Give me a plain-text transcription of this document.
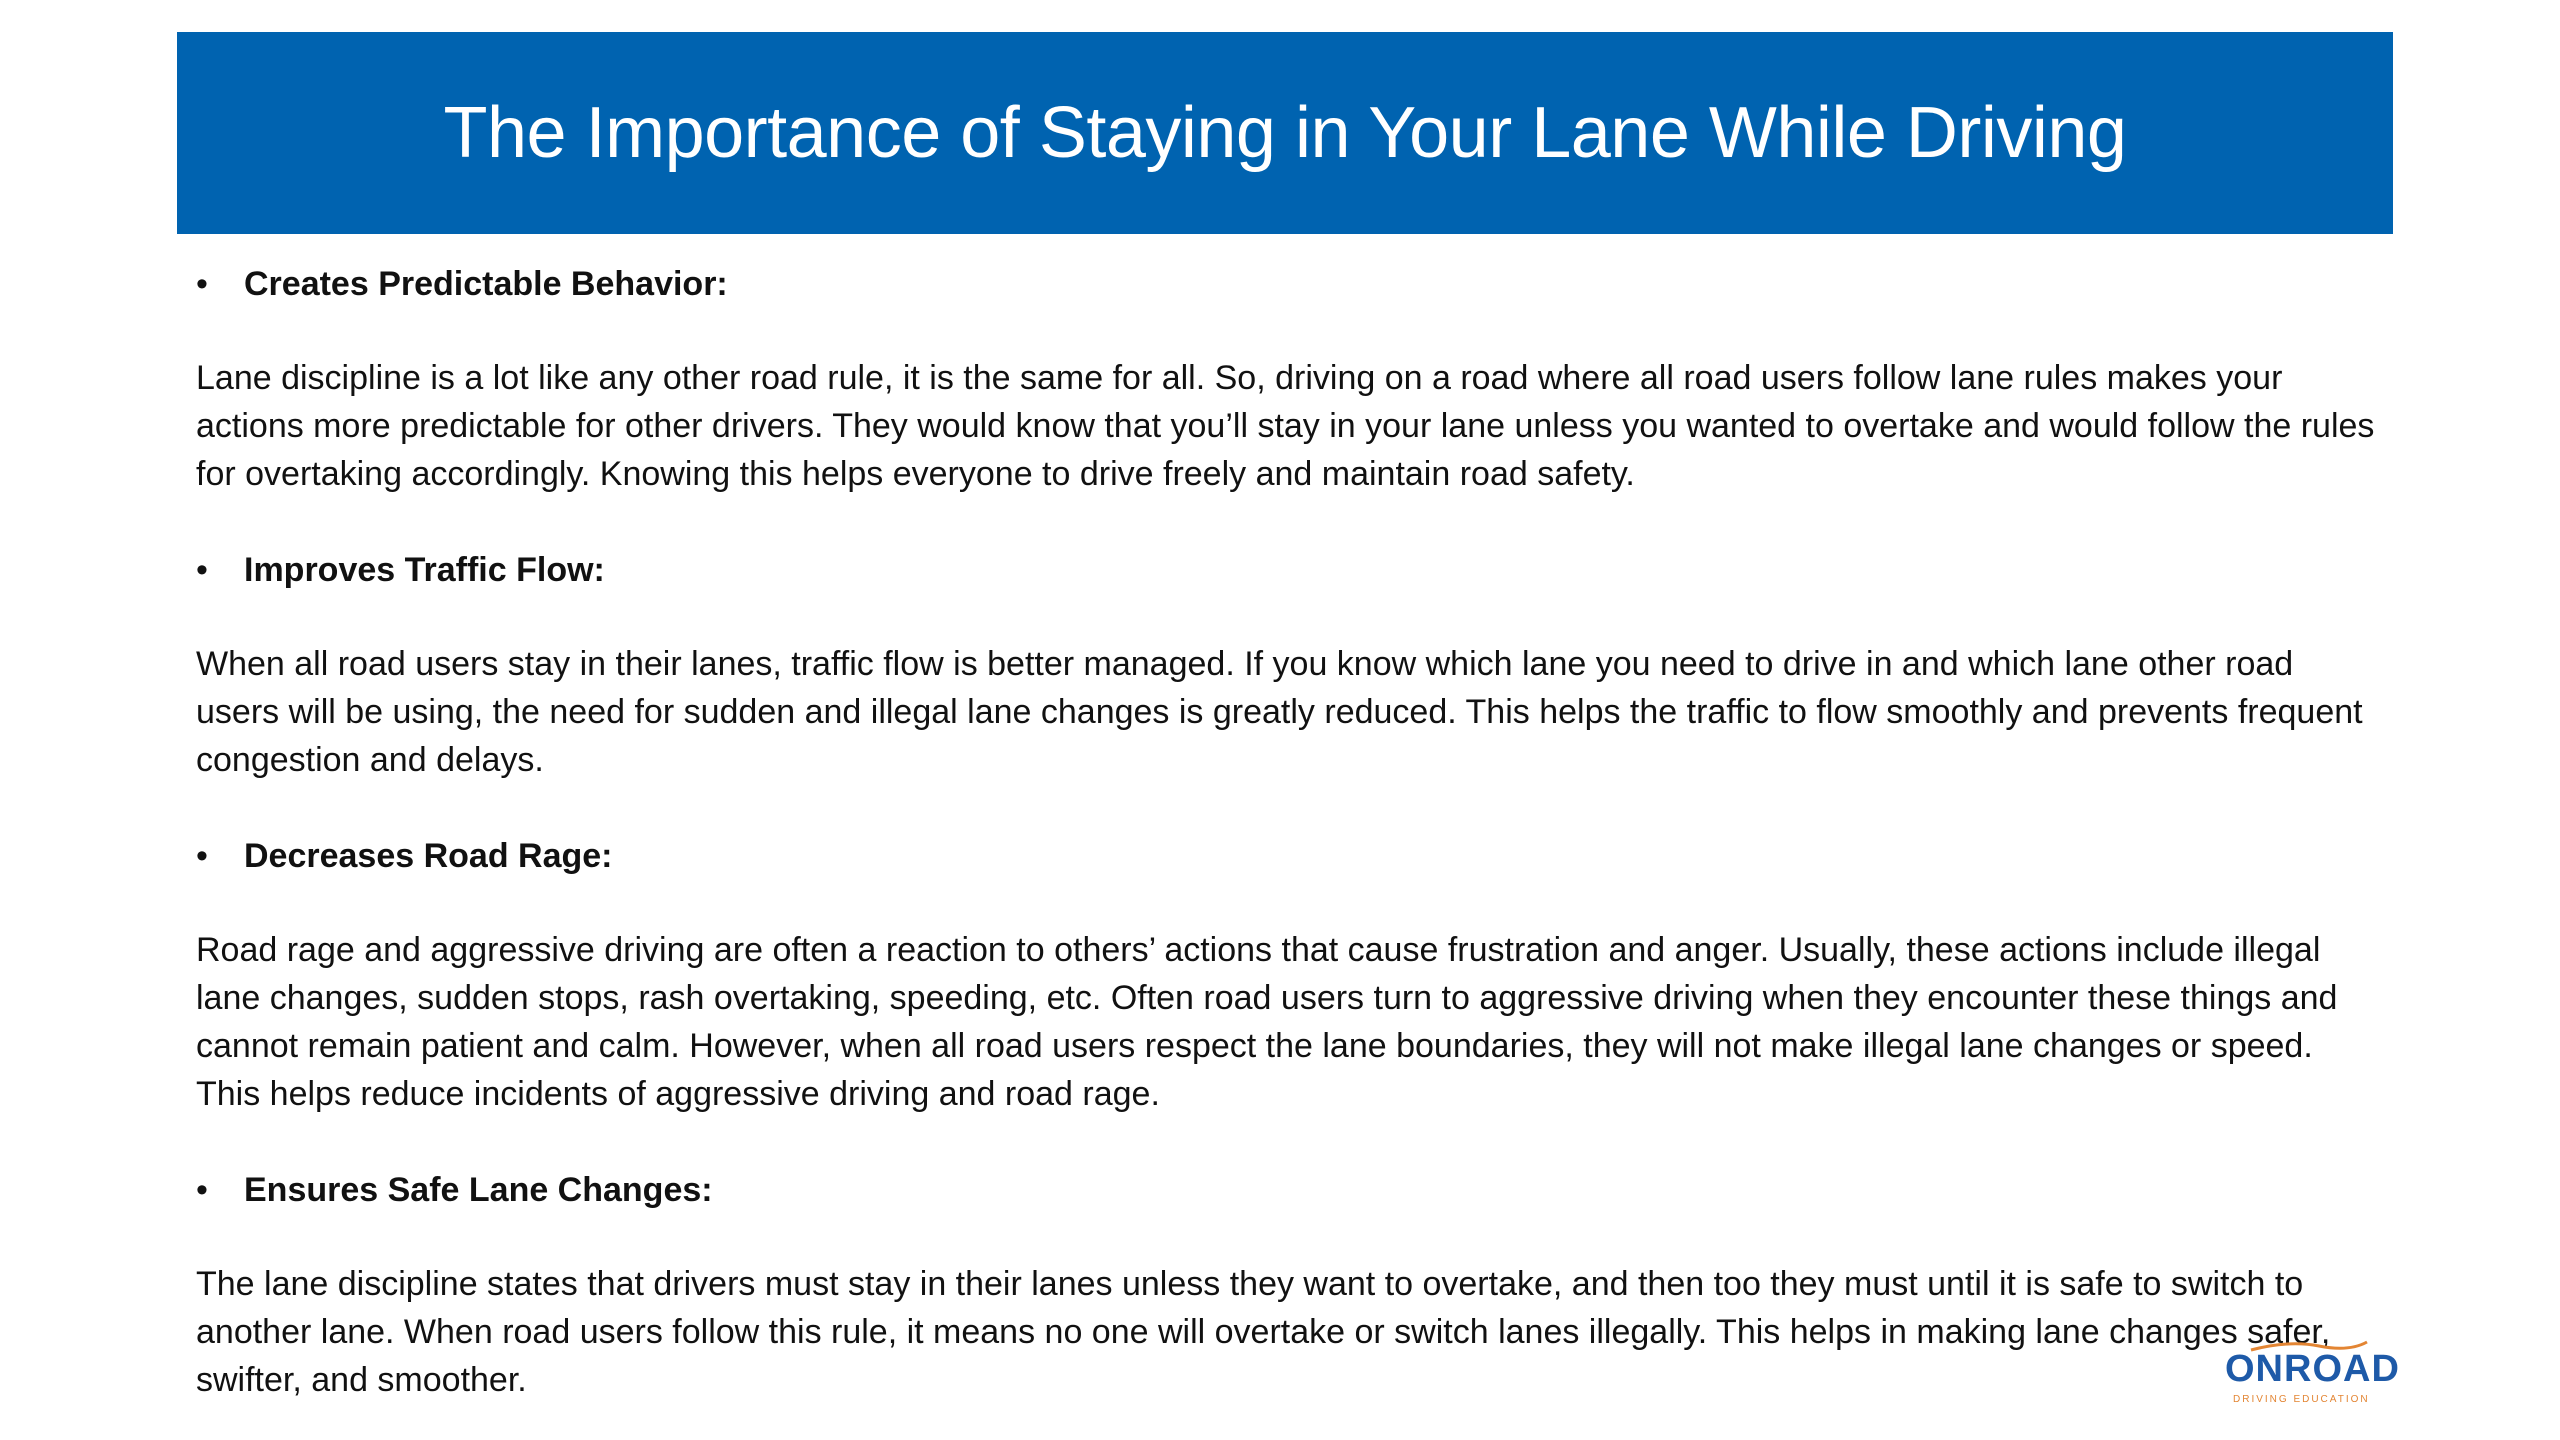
The Importance of Staying in Your Lane While Driving
•	Creates Predictable Behavior:
Lane discipline is a lot like any other road rule, it is the same for all. So, driving on a road where all road users follow lane rules makes your actions more predictable for other drivers. They would know that you’ll stay in your lane unless you wanted to overtake and would follow the rules for overtaking accordingly. Knowing this helps everyone to drive freely and maintain road safety.
•	Improves Traffic Flow:
When all road users stay in their lanes, traffic flow is better managed. If you know which lane you need to drive in and which lane other road users will be using, the need for sudden and illegal lane changes is greatly reduced. This helps the traffic to flow smoothly and prevents frequent congestion and delays.
•	Decreases Road Rage:
Road rage and aggressive driving are often a reaction to others’ actions that cause frustration and anger. Usually, these actions include illegal lane changes, sudden stops, rash overtaking, speeding, etc. Often road users turn to aggressive driving when they encounter these things and cannot remain patient and calm. However, when all road users respect the lane boundaries, they will not make illegal lane changes or speed. This helps reduce incidents of aggressive driving and road rage.
•	Ensures Safe Lane Changes:
The lane discipline states that drivers must stay in their lanes unless they want to overtake, and then too they must until it is safe to switch to another lane. When road users follow this rule, it means no one will overtake or switch lanes illegally. This helps in making lane changes safer, swifter, and smoother.	ONROAD
DRIVING EDUCATION
